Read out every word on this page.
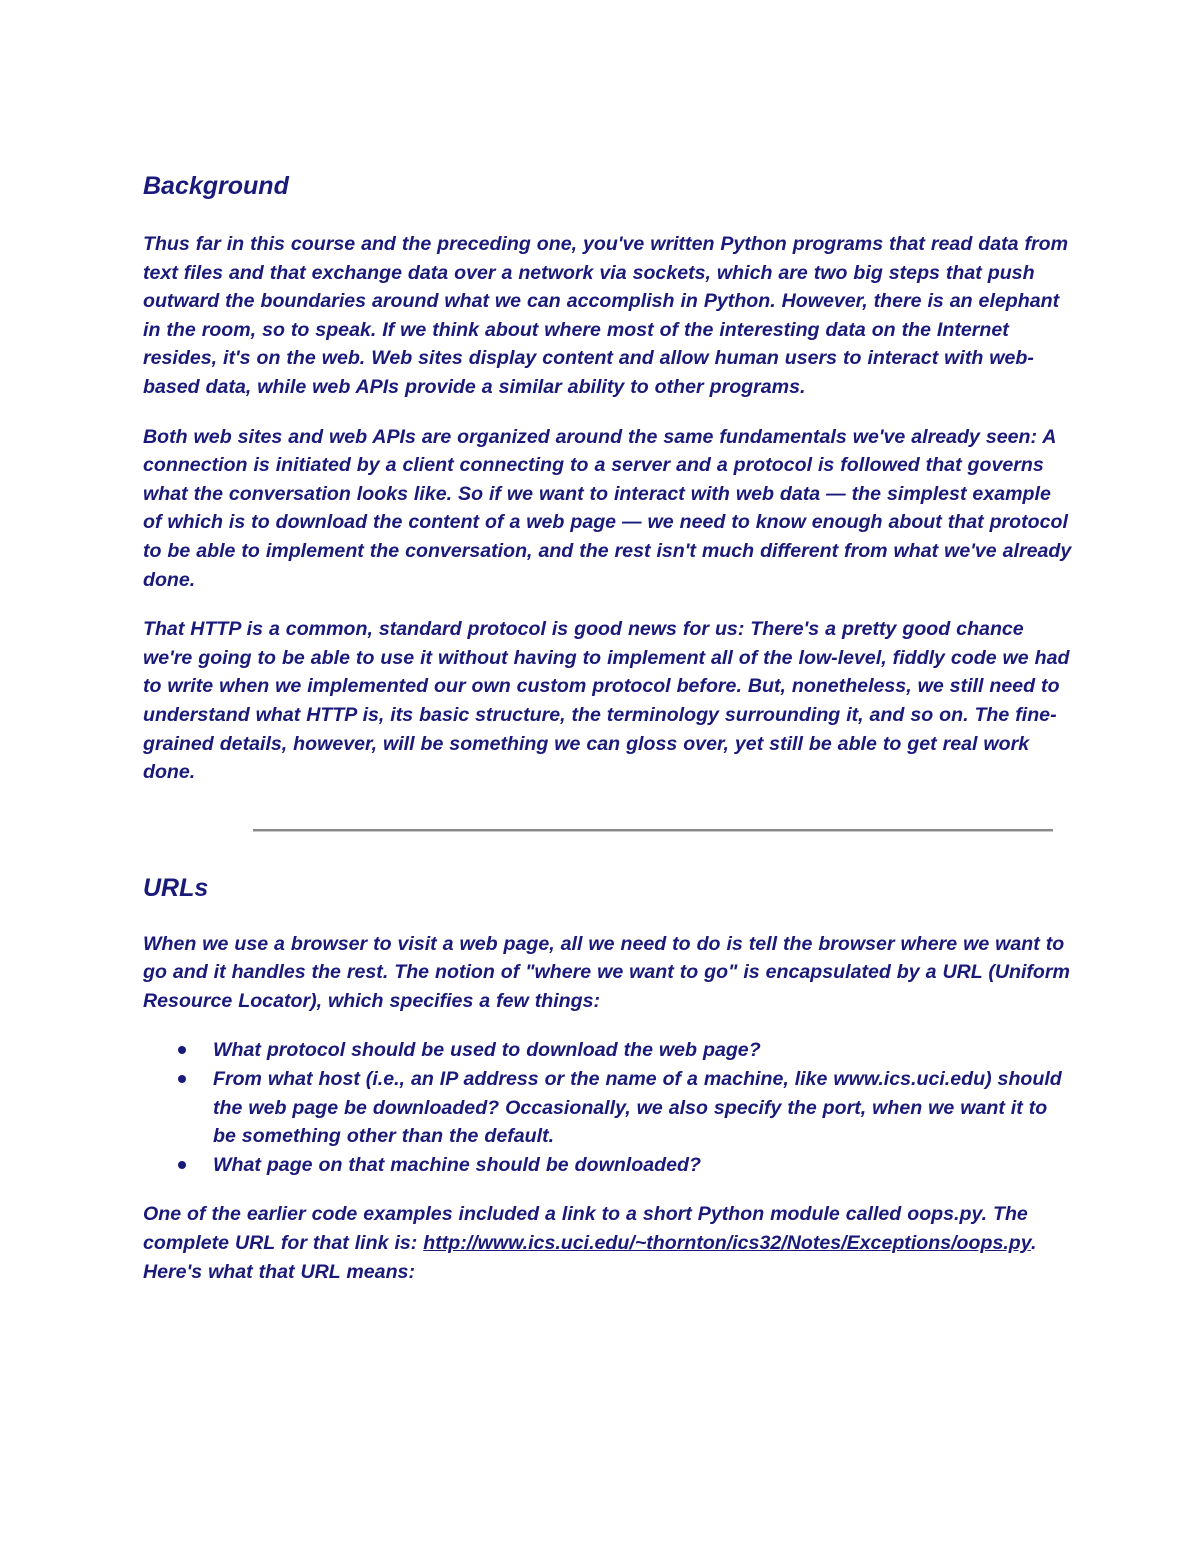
Background

Thus far in this course and the preceding one, you've written Python programs that read data from text files and that exchange data over a network via sockets, which are two big steps that push outward the boundaries around what we can accomplish in Python. However, there is an elephant in the room, so to speak. If we think about where most of the interesting data on the Internet resides, it's on the web. Web sites display content and allow human users to interact with web-based data, while web APIs provide a similar ability to other programs.

Both web sites and web APIs are organized around the same fundamentals we've already seen: A connection is initiated by a client connecting to a server and a protocol is followed that governs what the conversation looks like. So if we want to interact with web data — the simplest example of which is to download the content of a web page — we need to know enough about that protocol to be able to implement the conversation, and the rest isn't much different from what we've already done.

That HTTP is a common, standard protocol is good news for us: There's a pretty good chance we're going to be able to use it without having to implement all of the low-level, fiddly code we had to write when we implemented our own custom protocol before. But, nonetheless, we still need to understand what HTTP is, its basic structure, the terminology surrounding it, and so on. The fine-grained details, however, will be something we can gloss over, yet still be able to get real work done.

URLs

When we use a browser to visit a web page, all we need to do is tell the browser where we want to go and it handles the rest. The notion of "where we want to go" is encapsulated by a URL (Uniform Resource Locator), which specifies a few things:

What protocol should be used to download the web page?
From what host (i.e., an IP address or the name of a machine, like www.ics.uci.edu) should the web page be downloaded? Occasionally, we also specify the port, when we want it to be something other than the default.
What page on that machine should be downloaded?

One of the earlier code examples included a link to a short Python module called oops.py. The complete URL for that link is: http://www.ics.uci.edu/~thornton/ics32/Notes/Exceptions/oops.py. Here's what that URL means:
